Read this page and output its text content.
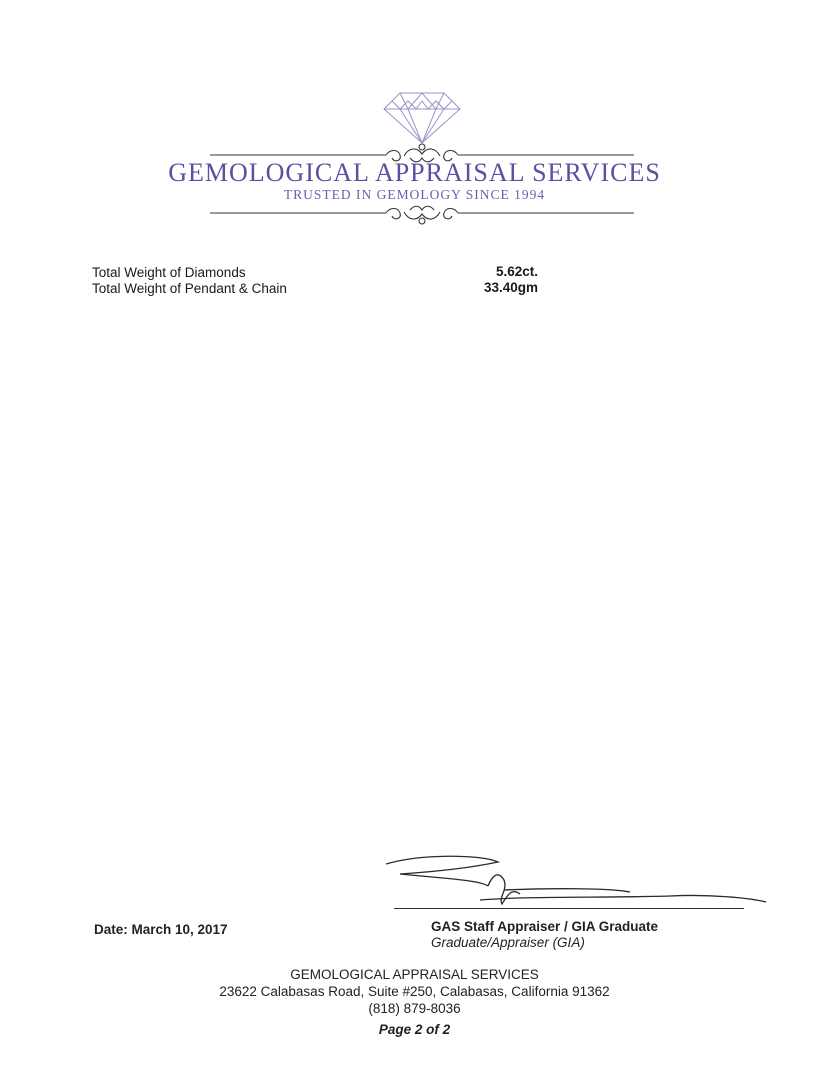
GEMOLOGICAL APPRAISAL SERVICES
TRUSTED IN GEMOLOGY SINCE 1994
Total Weight of Diamonds	5.62ct.
Total Weight of Pendant & Chain	33.40gm
Date: March 10, 2017	GAS Staff Appraiser / GIA Graduate
Graduate/Appraiser (GIA)
GEMOLOGICAL APPRAISAL SERVICES
23622 Calabasas Road, Suite #250, Calabasas, California 91362
(818) 879-8036
Page 2 of 2
